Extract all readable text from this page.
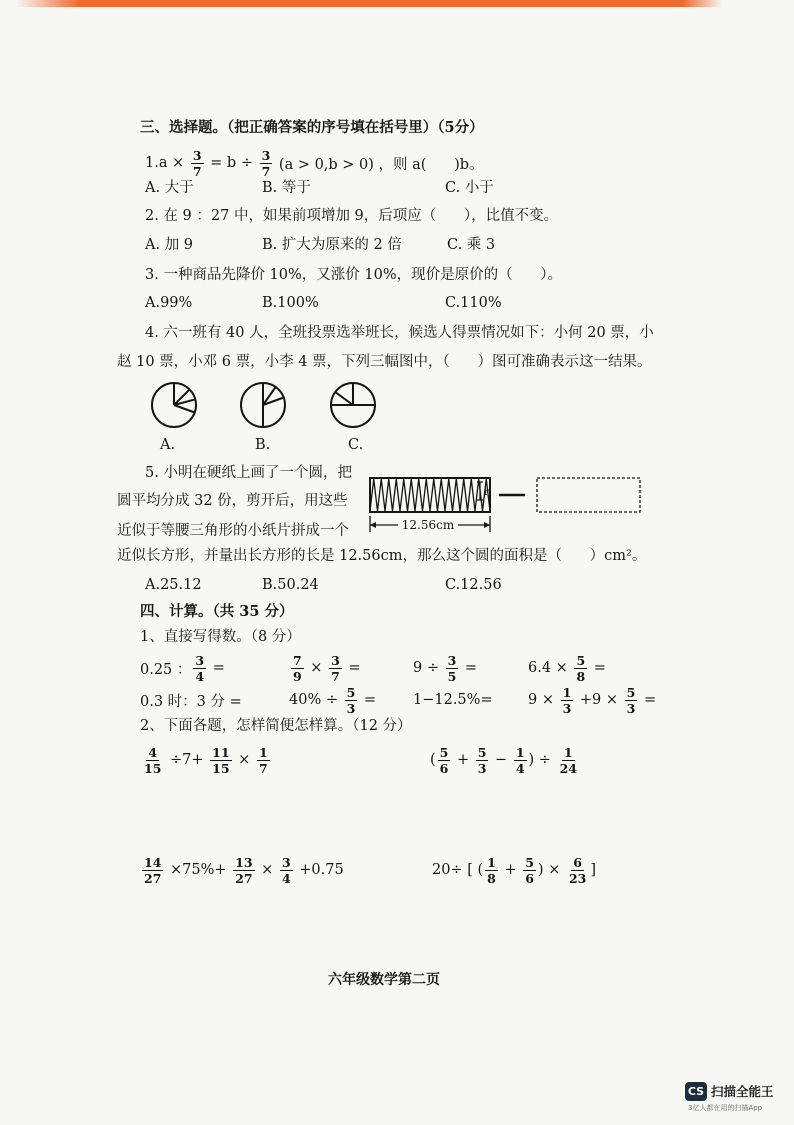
三、选择题。（把正确答案的序号填在括号里）（5分）
$1.a \times \frac{3}{7} = b \div \frac{3}{7} (a > 0,b > 0)$ ，则 a(      )b。
A. 大于	B. 等于	C. 小于
2. 在 9 ：27 中，如果前项增加 9，后项应（      ），比值不变。
A. 加 9	B. 扩大为原来的 2 倍	C. 乘 3
3. 一种商品先降价 10%，又涨价 10%，现价是原价的（      ）。
A.99%	B.100%	C.110%
4. 六一班有 40 人，全班投票选举班长，候选人得票情况如下：小何 20 票，小
赵 10 票，小邓 6 票，小李 4 票，下列三幅图中，（      ）图可准确表示这一结果。
A.	B.	C.
5. 小明在硬纸上画了一个圆，把
圆平均分成 32 份，剪开后，用这些
近似于等腰三角形的小纸片拼成一个
近似长方形，并量出长方形的长是 12.56cm，那么这个圆的面积是（      ）cm²。
r
12.56cm
A.25.12	B.50.24	C.12.56
四、计算。（共 35 分）
1、直接写得数。（8 分）
0.25 ： $\frac{3}{4}$ =	$\frac{7}{9} \times \frac{3}{7}$ =	$9 \div \frac{3}{5}$ =	$6.4 \times \frac{5}{8}$ =
0.3 时：3 分 =	$40\% \div \frac{5}{3}$ =	$1-12.5\%= 9 \times \frac{1}{3} +9 \times \frac{5}{3}$ =
2、下面各题，怎样简便怎样算。（12 分）
$\frac{4}{15} \div 7+ \frac{11}{15} \times \frac{1}{7}$	( $\frac{5}{6} + \frac{5}{3} - \frac{1}{4}$ ) ÷ $\frac{1}{24}$
$\frac{14}{27} \times 75\%+ \frac{13}{27} \times \frac{3}{4} +0.75$	20÷ [ ( $\frac{1}{8} + \frac{5}{6}$ ) × $\frac{6}{23}$ ]
六年级数学第二页
CS 扫描全能王
3亿人都在用的扫描App
